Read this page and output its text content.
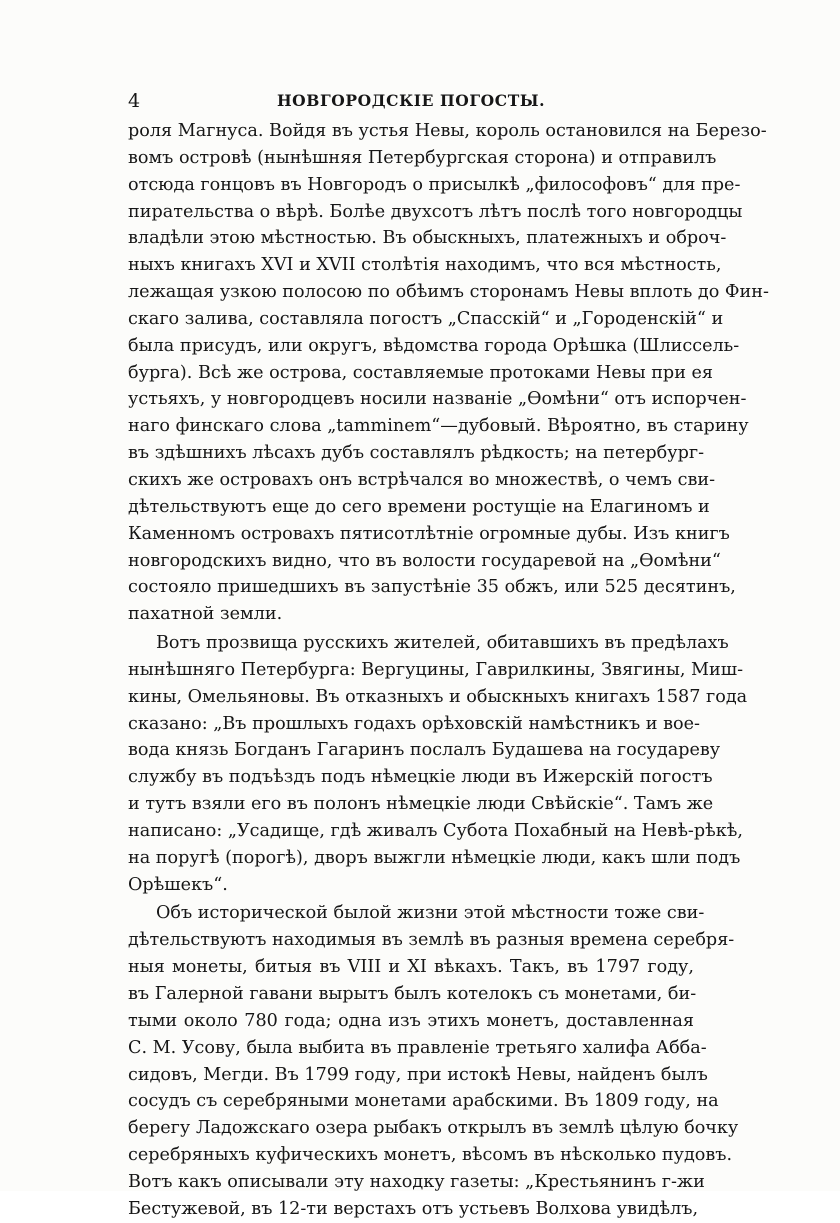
4	НОВГОРОДСКІЕ ПОГОСТЫ.
роля Магнуса. Войдя въ устья Невы, король остановился на Березо-
вомъ островѣ (нынѣшняя Петербургская сторона) и отправилъ
отсюда гонцовъ въ Новгородъ о присылкѣ „философовъ“ для пре-
пирательства о вѣрѣ. Болѣе двухсотъ лѣтъ послѣ того новгородцы
владѣли этою мѣстностью. Въ обыскныхъ, платежныхъ и оброч-
ныхъ книгахъ XVI и XVII столѣтія находимъ, что вся мѣстность,
лежащая узкою полосою по обѣимъ сторонамъ Невы вплоть до Фин-
скаго залива, составляла погостъ „Спасскій“ и „Городенскій“ и
была присудъ, или округъ, вѣдомства города Орѣшка (Шлиссель-
бурга). Всѣ же острова, составляемые протоками Невы при ея
устьяхъ, у новгородцевъ носили названіе „Ѳомѣни“ отъ испорчен-
наго финскаго слова „tamminem“—дубовый. Вѣроятно, въ старину
въ здѣшнихъ лѣсахъ дубъ составлялъ рѣдкость; на петербург-
скихъ же островахъ онъ встрѣчался во множествѣ, о чемъ сви-
дѣтельствуютъ еще до сего времени ростущіе на Елагиномъ и
Каменномъ островахъ пятисотлѣтніе огромные дубы. Изъ книгъ
новгородскихъ видно, что въ волости государевой на „Ѳомѣни“
состояло пришедшихъ въ запустѣніе 35 обжъ, или 525 десятинъ,
пахатной земли.
Вотъ прозвища русскихъ жителей, обитавшихъ въ предѣлахъ
нынѣшняго Петербурга: Вергуцины, Гаврилкины, Звягины, Миш-
кины, Омельяновы. Въ отказныхъ и обыскныхъ книгахъ 1587 года
сказано: „Въ прошлыхъ годахъ орѣховскій намѣстникъ и вое-
вода князь Богданъ Гагаринъ послалъ Будашева на государеву
службу въ подъѣздъ подъ нѣмецкіе люди въ Ижерскій погостъ
и тутъ взяли его въ полонъ нѣмецкіе люди Свѣйскіе“. Тамъ же
написано: „Усадище, гдѣ живалъ Субота Похабный на Невѣ-рѣкѣ,
на поругѣ (порогѣ), дворъ выжгли нѣмецкіе люди, какъ шли подъ
Орѣшекъ“.
Объ исторической былой жизни этой мѣстности тоже сви-
дѣтельствуютъ находимыя въ землѣ въ разныя времена серебря-
ныя монеты, битыя въ VIII и XI вѣкахъ. Такъ, въ 1797 году,
въ Галерной гавани вырытъ былъ котелокъ съ монетами, би-
тыми около 780 года; одна изъ этихъ монетъ, доставленная
С. М. Усову, была выбита въ правленіе третьяго халифа Абба-
сидовъ, Мегди. Въ 1799 году, при истокѣ Невы, найденъ былъ
сосудъ съ серебряными монетами арабскими. Въ 1809 году, на
берегу Ладожскаго озера рыбакъ открылъ въ землѣ цѣлую бочку
серебряныхъ куфическихъ монетъ, вѣсомъ въ нѣсколько пудовъ.
Вотъ какъ описывали эту находку газеты: „Крестьянинъ г-жи
Бестужевой, въ 12-ти верстахъ отъ устьевъ Волхова увидѣлъ,
